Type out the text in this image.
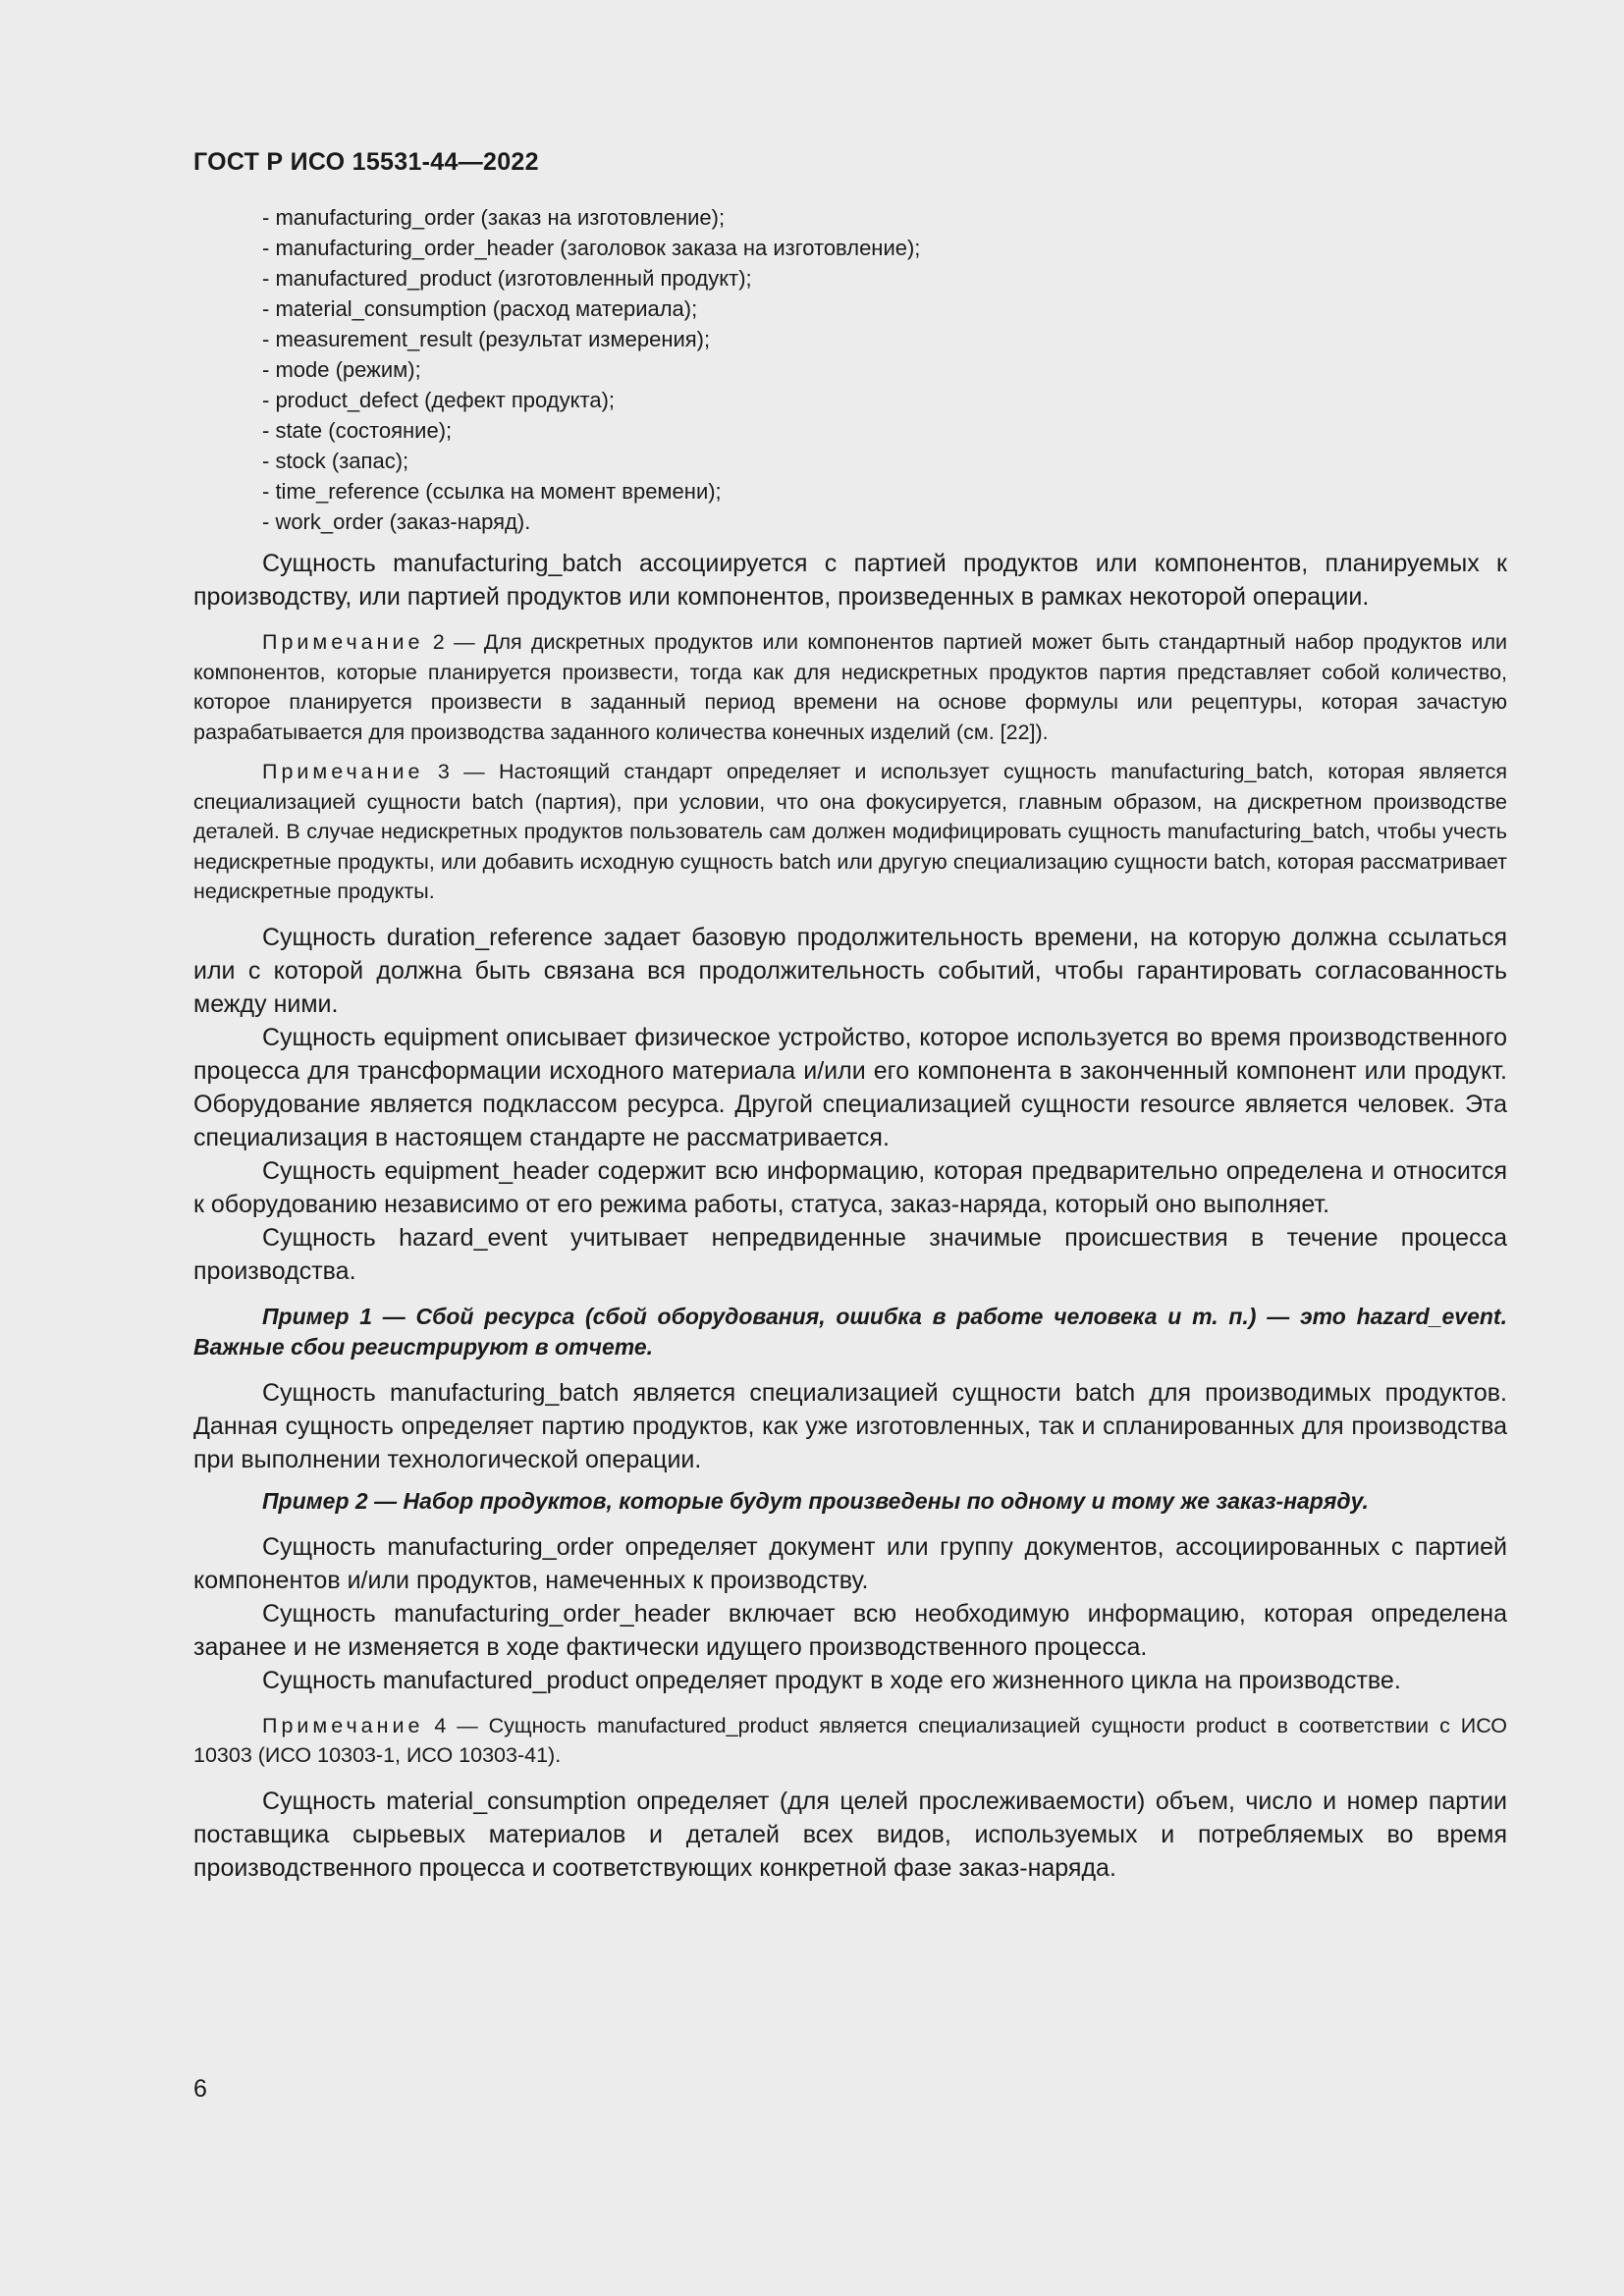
ГОСТ Р ИСО 15531-44—2022
- manufacturing_order (заказ на изготовление);
- manufacturing_order_header (заголовок заказа на изготовление);
- manufactured_product (изготовленный продукт);
- material_consumption (расход материала);
- measurement_result (результат измерения);
- mode (режим);
- product_defect (дефект продукта);
- state (состояние);
- stock (запас);
- time_reference (ссылка на момент времени);
- work_order (заказ-наряд).

Сущность manufacturing_batch ассоциируется с партией продуктов или компонентов, планируемых к производству, или партией продуктов или компонентов, произведенных в рамках некоторой операции.

Примечание 2 — Для дискретных продуктов или компонентов партией может быть стандартный набор продуктов или компонентов, которые планируется произвести, тогда как для недискретных продуктов партия представляет собой количество, которое планируется произвести в заданный период времени на основе формулы или рецептуры, которая зачастую разрабатывается для производства заданного количества конечных изделий (см. [22]).

Примечание 3 — Настоящий стандарт определяет и использует сущность manufacturing_batch, которая является специализацией сущности batch (партия), при условии, что она фокусируется, главным образом, на дискретном производстве деталей. В случае недискретных продуктов пользователь сам должен модифицировать сущность manufacturing_batch, чтобы учесть недискретные продукты, или добавить исходную сущность batch или другую специализацию сущности batch, которая рассматривает недискретные продукты.

Сущность duration_reference задает базовую продолжительность времени, на которую должна ссылаться или с которой должна быть связана вся продолжительность событий, чтобы гарантировать согласованность между ними.

Сущность equipment описывает физическое устройство, которое используется во время производственного процесса для трансформации исходного материала и/или его компонента в законченный компонент или продукт. Оборудование является подклассом ресурса. Другой специализацией сущности resource является человек. Эта специализация в настоящем стандарте не рассматривается.

Сущность equipment_header содержит всю информацию, которая предварительно определена и относится к оборудованию независимо от его режима работы, статуса, заказ-наряда, который оно выполняет.

Сущность hazard_event учитывает непредвиденные значимые происшествия в течение процесса производства.

Пример 1 — Сбой ресурса (сбой оборудования, ошибка в работе человека и т. п.) — это hazard_event. Важные сбои регистрируют в отчете.

Сущность manufacturing_batch является специализацией сущности batch для производимых продуктов. Данная сущность определяет партию продуктов, как уже изготовленных, так и спланированных для производства при выполнении технологической операции.

Пример 2 — Набор продуктов, которые будут произведены по одному и тому же заказ-наряду.

Сущность manufacturing_order определяет документ или группу документов, ассоциированных с партией компонентов и/или продуктов, намеченных к производству.

Сущность manufacturing_order_header включает всю необходимую информацию, которая определена заранее и не изменяется в ходе фактически идущего производственного процесса.

Сущность manufactured_product определяет продукт в ходе его жизненного цикла на производстве.

Примечание 4 — Сущность manufactured_product является специализацией сущности product в соответствии с ИСО 10303 (ИСО 10303-1, ИСО 10303-41).

Сущность material_consumption определяет (для целей прослеживаемости) объем, число и номер партии поставщика сырьевых материалов и деталей всех видов, используемых и потребляемых во время производственного процесса и соответствующих конкретной фазе заказ-наряда.

6
